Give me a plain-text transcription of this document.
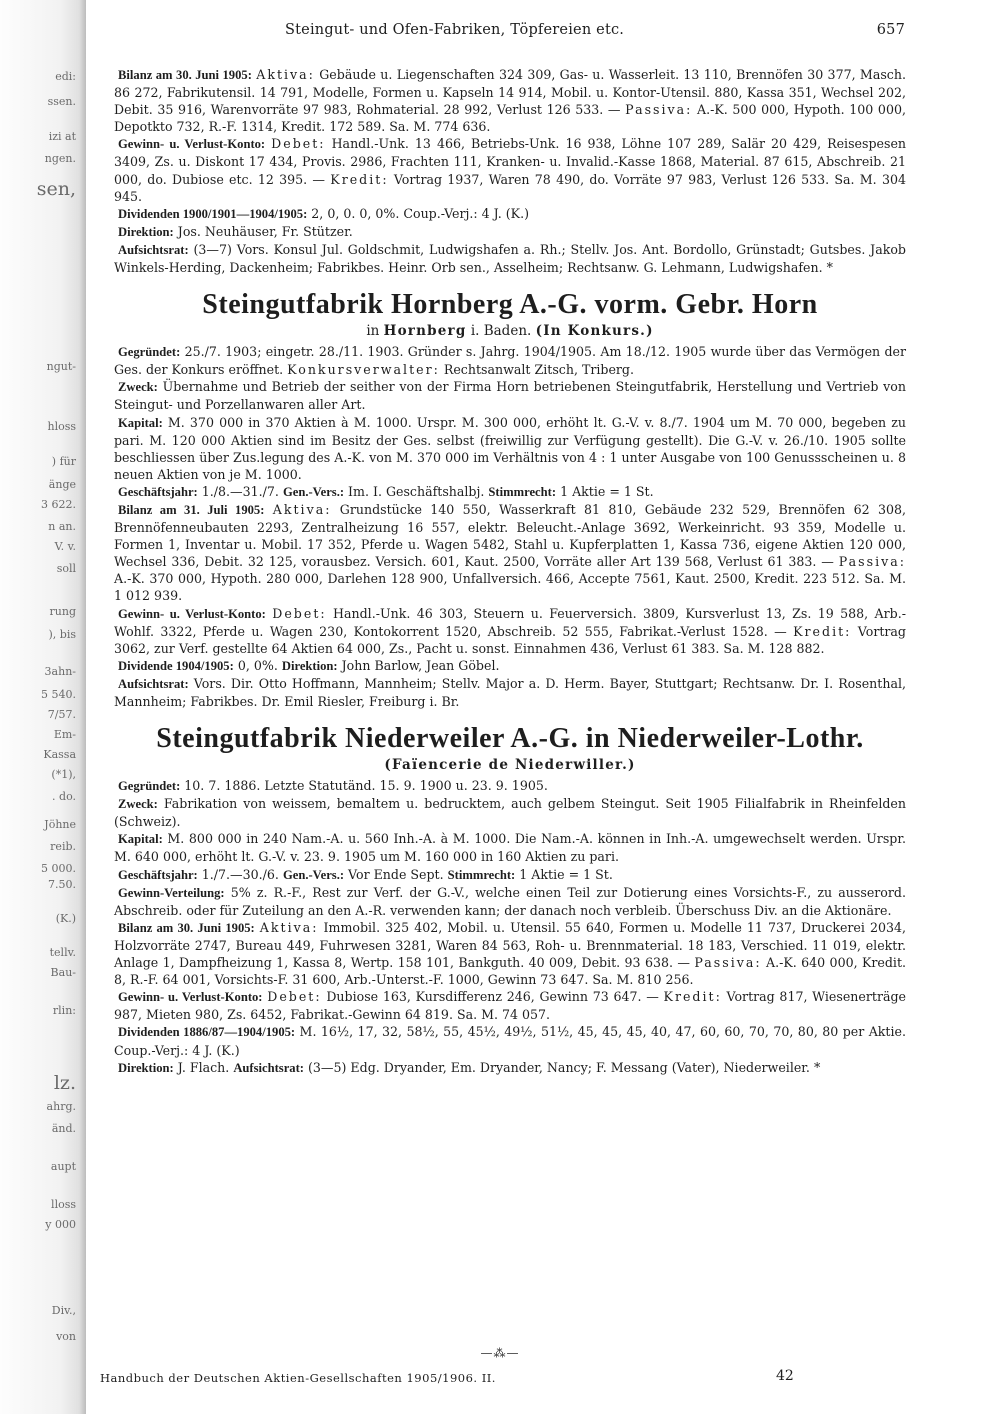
edi:
ssen.
izi at
ngen.
sen,
ngut-
hloss
) für
änge
3 622.
n an.
V. v.
soll
rung
), bis
3ahn-
5 540.
7/57.
Em-
Kassa
(*1),
. do.
Jöhne
reib.
5 000.
7.50.
(K.)
tellv.
Bau-
rlin:
lz.
ahrg.
änd.
aupt
lloss
y 000
Div.,
von
Steingut- und Ofen-Fabriken, Töpfereien etc.	657

Bilanz am 30. Juni 1905: Aktiva: Gebäude u. Liegenschaften 324 309, Gas- u. Wasserleit. 13 110, Brennöfen 30 377, Masch. 86 272, Fabrikutensil. 14 791, Modelle, Formen u. Kapseln 14 914, Mobil. u. Kontor-Utensil. 880, Kassa 351, Wechsel 202, Debit. 35 916, Warenvorräte 97 983, Rohmaterial. 28 992, Verlust 126 533. — Passiva: A.-K. 500 000, Hypoth. 100 000, Depotkto 732, R.-F. 1314, Kredit. 172 589. Sa. M. 774 636.

Gewinn- u. Verlust-Konto: Debet: Handl.-Unk. 13 466, Betriebs-Unk. 16 938, Löhne 107 289, Salär 20 429, Reisespesen 3409, Zs. u. Diskont 17 434, Provis. 2986, Frachten 111, Kranken- u. Invalid.-Kasse 1868, Material. 87 615, Abschreib. 21 000, do. Dubiose etc. 12 395. — Kredit: Vortrag 1937, Waren 78 490, do. Vorräte 97 983, Verlust 126 533. Sa. M. 304 945.

Dividenden 1900/1901—1904/1905: 2, 0, 0. 0, 0%. Coup.-Verj.: 4 J. (K.)

Direktion: Jos. Neuhäuser, Fr. Stützer.

Aufsichtsrat: (3—7) Vors. Konsul Jul. Goldschmit, Ludwigshafen a. Rh.; Stellv. Jos. Ant. Bordollo, Grünstadt; Gutsbes. Jakob Winkels-Herding, Dackenheim; Fabrikbes. Heinr. Orb sen., Asselheim; Rechtsanw. G. Lehmann, Ludwigshafen. *

Steingutfabrik Hornberg A.-G. vorm. Gebr. Horn
in Hornberg i. Baden. (In Konkurs.)

Gegründet: 25./7. 1903; eingetr. 28./11. 1903. Gründer s. Jahrg. 1904/1905. Am 18./12. 1905 wurde über das Vermögen der Ges. der Konkurs eröffnet. Konkursverwalter: Rechtsanwalt Zitsch, Triberg.

Zweck: Übernahme und Betrieb der seither von der Firma Horn betriebenen Steingutfabrik, Herstellung und Vertrieb von Steingut- und Porzellanwaren aller Art.

Kapital: M. 370 000 in 370 Aktien à M. 1000. Urspr. M. 300 000, erhöht lt. G.-V. v. 8./7. 1904 um M. 70 000, begeben zu pari. M. 120 000 Aktien sind im Besitz der Ges. selbst (freiwillig zur Verfügung gestellt). Die G.-V. v. 26./10. 1905 sollte beschliessen über Zus.legung des A.-K. von M. 370 000 im Verhältnis von 4 : 1 unter Ausgabe von 100 Genussscheinen u. 8 neuen Aktien von je M. 1000.

Geschäftsjahr: 1./8.—31./7. Gen.-Vers.: Im. I. Geschäftshalbj. Stimmrecht: 1 Aktie = 1 St.

Bilanz am 31. Juli 1905: Aktiva: Grundstücke 140 550, Wasserkraft 81 810, Gebäude 232 529, Brennöfen 62 308, Brennöfenneubauten 2293, Zentralheizung 16 557, elektr. Beleucht.-Anlage 3692, Werkeinricht. 93 359, Modelle u. Formen 1, Inventar u. Mobil. 17 352, Pferde u. Wagen 5482, Stahl u. Kupferplatten 1, Kassa 736, eigene Aktien 120 000, Wechsel 336, Debit. 32 125, vorausbez. Versich. 601, Kaut. 2500, Vorräte aller Art 139 568, Verlust 61 383. — Passiva: A.-K. 370 000, Hypoth. 280 000, Darlehen 128 900, Unfallversich. 466, Accepte 7561, Kaut. 2500, Kredit. 223 512. Sa. M. 1 012 939.

Gewinn- u. Verlust-Konto: Debet: Handl.-Unk. 46 303, Steuern u. Feuerversich. 3809, Kursverlust 13, Zs. 19 588, Arb.-Wohlf. 3322, Pferde u. Wagen 230, Kontokorrent 1520, Abschreib. 52 555, Fabrikat.-Verlust 1528. — Kredit: Vortrag 3062, zur Verf. gestellte 64 Aktien 64 000, Zs., Pacht u. sonst. Einnahmen 436, Verlust 61 383. Sa. M. 128 882.

Dividende 1904/1905: 0, 0%. Direktion: John Barlow, Jean Göbel.

Aufsichtsrat: Vors. Dir. Otto Hoffmann, Mannheim; Stellv. Major a. D. Herm. Bayer, Stuttgart; Rechtsanw. Dr. I. Rosenthal, Mannheim; Fabrikbes. Dr. Emil Riesler, Freiburg i. Br.

Steingutfabrik Niederweiler A.-G. in Niederweiler-Lothr.
(Faïencerie de Niederwiller.)

Gegründet: 10. 7. 1886. Letzte Statutänd. 15. 9. 1900 u. 23. 9. 1905.

Zweck: Fabrikation von weissem, bemaltem u. bedrucktem, auch gelbem Steingut. Seit 1905 Filialfabrik in Rheinfelden (Schweiz).

Kapital: M. 800 000 in 240 Nam.-A. u. 560 Inh.-A. à M. 1000. Die Nam.-A. können in Inh.-A. umgewechselt werden. Urspr. M. 640 000, erhöht lt. G.-V. v. 23. 9. 1905 um M. 160 000 in 160 Aktien zu pari.

Geschäftsjahr: 1./7.—30./6. Gen.-Vers.: Vor Ende Sept. Stimmrecht: 1 Aktie = 1 St.

Gewinn-Verteilung: 5% z. R.-F., Rest zur Verf. der G.-V., welche einen Teil zur Dotierung eines Vorsichts-F., zu ausserord. Abschreib. oder für Zuteilung an den A.-R. verwenden kann; der danach noch verbleib. Überschuss Div. an die Aktionäre.

Bilanz am 30. Juni 1905: Aktiva: Immobil. 325 402, Mobil. u. Utensil. 55 640, Formen u. Modelle 11 737, Druckerei 2034, Holzvorräte 2747, Bureau 449, Fuhrwesen 3281, Waren 84 563, Roh- u. Brennmaterial. 18 183, Verschied. 11 019, elektr. Anlage 1, Dampfheizung 1, Kassa 8, Wertp. 158 101, Bankguth. 40 009, Debit. 93 638. — Passiva: A.-K. 640 000, Kredit. 8, R.-F. 64 001, Vorsichts-F. 31 600, Arb.-Unterst.-F. 1000, Gewinn 73 647. Sa. M. 810 256.

Gewinn- u. Verlust-Konto: Debet: Dubiose 163, Kursdifferenz 246, Gewinn 73 647. — Kredit: Vortrag 817, Wiesenerträge 987, Mieten 980, Zs. 6452, Fabrikat.-Gewinn 64 819. Sa. M. 74 057.

Dividenden 1886/87—1904/1905: M. 16½, 17, 32, 58½, 55, 45½, 49½, 51½, 45, 45, 45, 40, 47, 60, 60, 70, 70, 80, 80 per Aktie. Coup.-Verj.: 4 J. (K.)

Direktion: J. Flach. Aufsichtsrat: (3—5) Edg. Dryander, Em. Dryander, Nancy; F. Messang (Vater), Niederweiler. *

—⁂—
Handbuch der Deutschen Aktien-Gesellschaften 1905/1906. II.	42
